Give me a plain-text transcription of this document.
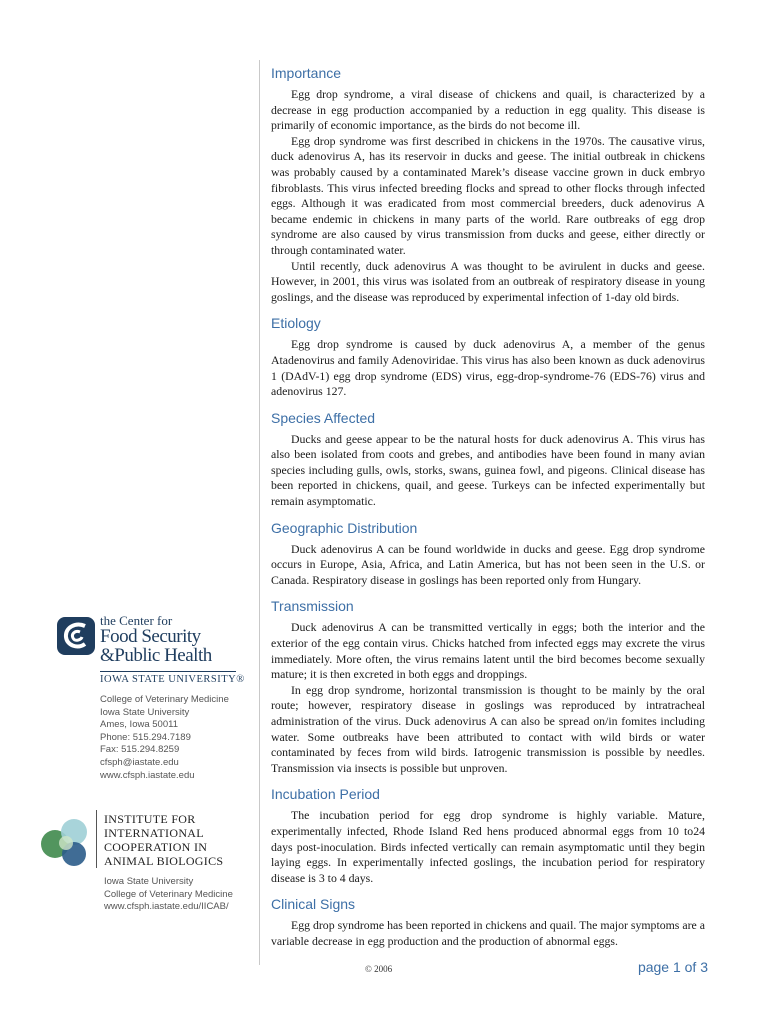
the Center for
Food Security
&Public Health
IOWA STATE UNIVERSITY®
College of Veterinary Medicine
Iowa State University
Ames, Iowa 50011
Phone: 515.294.7189
Fax: 515.294.8259
cfsph@iastate.edu
www.cfsph.iastate.edu
INSTITUTE FOR
INTERNATIONAL
COOPERATION IN
ANIMAL BIOLOGICS
Iowa State University
College of Veterinary Medicine
www.cfsph.iastate.edu/IICAB/
Importance

Egg drop syndrome, a viral disease of chickens and quail, is characterized by a decrease in egg production accompanied by a reduction in egg quality. This disease is primarily of economic importance, as the birds do not become ill.

Egg drop syndrome was first described in chickens in the 1970s. The causative virus, duck adenovirus A, has its reservoir in ducks and geese. The initial outbreak in chickens was probably caused by a contaminated Marek’s disease vaccine grown in duck embryo fibroblasts. This virus infected breeding flocks and spread to other flocks through infected eggs. Although it was eradicated from most commercial breeders, duck adenovirus A became endemic in chickens in many parts of the world. Rare outbreaks of egg drop syndrome are also caused by virus transmission from ducks and geese, either directly or through contaminated water.

Until recently, duck adenovirus A was thought to be avirulent in ducks and geese. However, in 2001, this virus was isolated from an outbreak of respiratory disease in young goslings, and the disease was reproduced by experimental infection of 1-day old birds.

Etiology

Egg drop syndrome is caused by duck adenovirus A, a member of the genus Atadenovirus and family Adenoviridae. This virus has also been known as duck adenovirus 1 (DAdV-1) egg drop syndrome (EDS) virus, egg-drop-syndrome-76 (EDS-76) virus and adenovirus 127.

Species Affected

Ducks and geese appear to be the natural hosts for duck adenovirus A. This virus has also been isolated from coots and grebes, and antibodies have been found in many avian species including gulls, owls, storks, swans, guinea fowl, and pigeons. Clinical disease has been reported in chickens, quail, and geese. Turkeys can be infected experimentally but remain asymptomatic.

Geographic Distribution

Duck adenovirus A can be found worldwide in ducks and geese. Egg drop syndrome occurs in Europe, Asia, Africa, and Latin America, but has not been seen in the U.S. or Canada. Respiratory disease in goslings has been reported only from Hungary.

Transmission

Duck adenovirus A can be transmitted vertically in eggs; both the interior and the exterior of the egg contain virus. Chicks hatched from infected eggs may excrete the virus immediately. More often, the virus remains latent until the bird becomes become sexually mature; it is then excreted in both eggs and droppings.

In egg drop syndrome, horizontal transmission is thought to be mainly by the oral route; however, respiratory disease in goslings was reproduced by intratracheal administration of the virus. Duck adenovirus A can also be spread on/in fomites including water. Some outbreaks have been attributed to contact with wild birds or water contaminated by feces from wild birds. Iatrogenic transmission is possible by needles. Transmission via insects is possible but unproven.

Incubation Period

The incubation period for egg drop syndrome is highly variable. Mature, experimentally infected, Rhode Island Red hens produced abnormal eggs from 10 to24 days post-inoculation. Birds infected vertically can remain asymptomatic until they begin laying eggs. In experimentally infected goslings, the incubation period for respiratory disease is 3 to 4 days.

Clinical Signs

Egg drop syndrome has been reported in chickens and quail. The major symptoms are a variable decrease in egg production and the production of abnormal eggs.

© 2006	page 1 of 3
